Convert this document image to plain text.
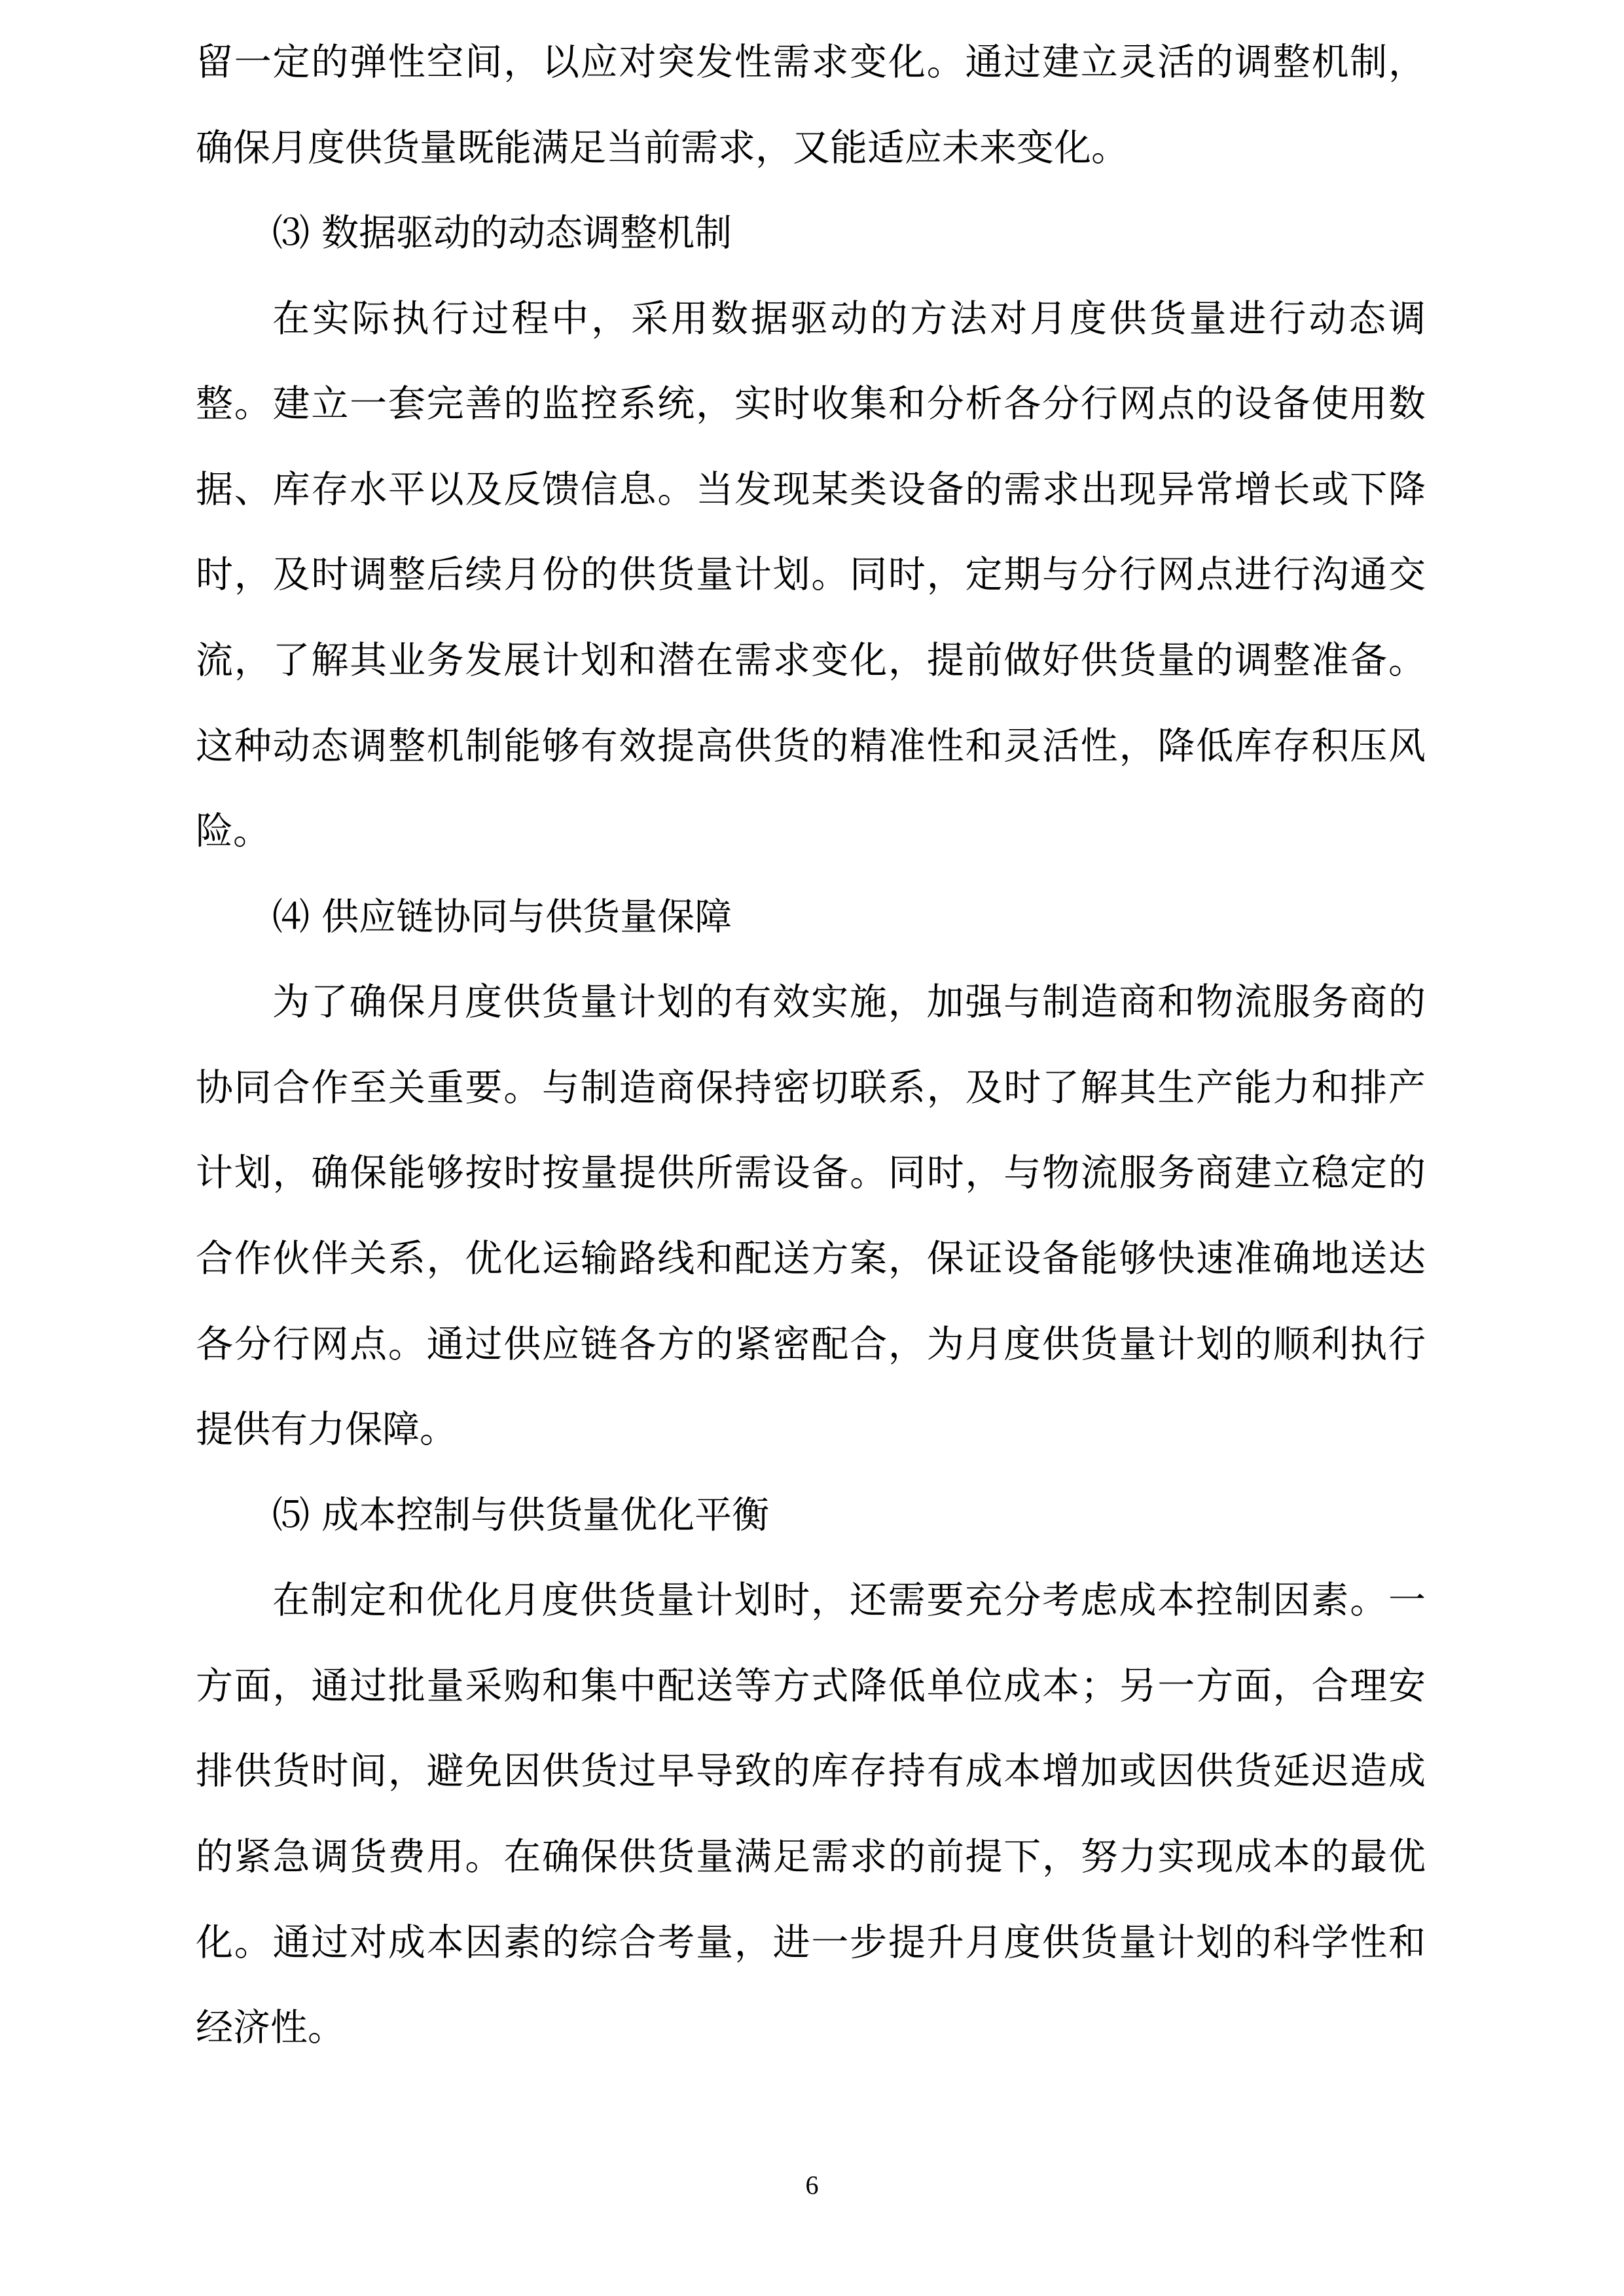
留一定的弹性空间，以应对突发性需求变化。通过建立灵活的调整机制，
确保月度供货量既能满足当前需求，又能适应未来变化。
⑶ 数据驱动的动态调整机制
在实际执行过程中，采用数据驱动的方法对月度供货量进行动态调
整。建立一套完善的监控系统，实时收集和分析各分行网点的设备使用数
据、库存水平以及反馈信息。当发现某类设备的需求出现异常增长或下降
时，及时调整后续月份的供货量计划。同时，定期与分行网点进行沟通交
流，了解其业务发展计划和潜在需求变化，提前做好供货量的调整准备。
这种动态调整机制能够有效提高供货的精准性和灵活性，降低库存积压风
险。
⑷ 供应链协同与供货量保障
为了确保月度供货量计划的有效实施，加强与制造商和物流服务商的
协同合作至关重要。与制造商保持密切联系，及时了解其生产能力和排产
计划，确保能够按时按量提供所需设备。同时，与物流服务商建立稳定的
合作伙伴关系，优化运输路线和配送方案，保证设备能够快速准确地送达
各分行网点。通过供应链各方的紧密配合，为月度供货量计划的顺利执行
提供有力保障。
⑸ 成本控制与供货量优化平衡
在制定和优化月度供货量计划时，还需要充分考虑成本控制因素。一
方面，通过批量采购和集中配送等方式降低单位成本；另一方面，合理安
排供货时间，避免因供货过早导致的库存持有成本增加或因供货延迟造成
的紧急调货费用。在确保供货量满足需求的前提下，努力实现成本的最优
化。通过对成本因素的综合考量，进一步提升月度供货量计划的科学性和
经济性。
6
